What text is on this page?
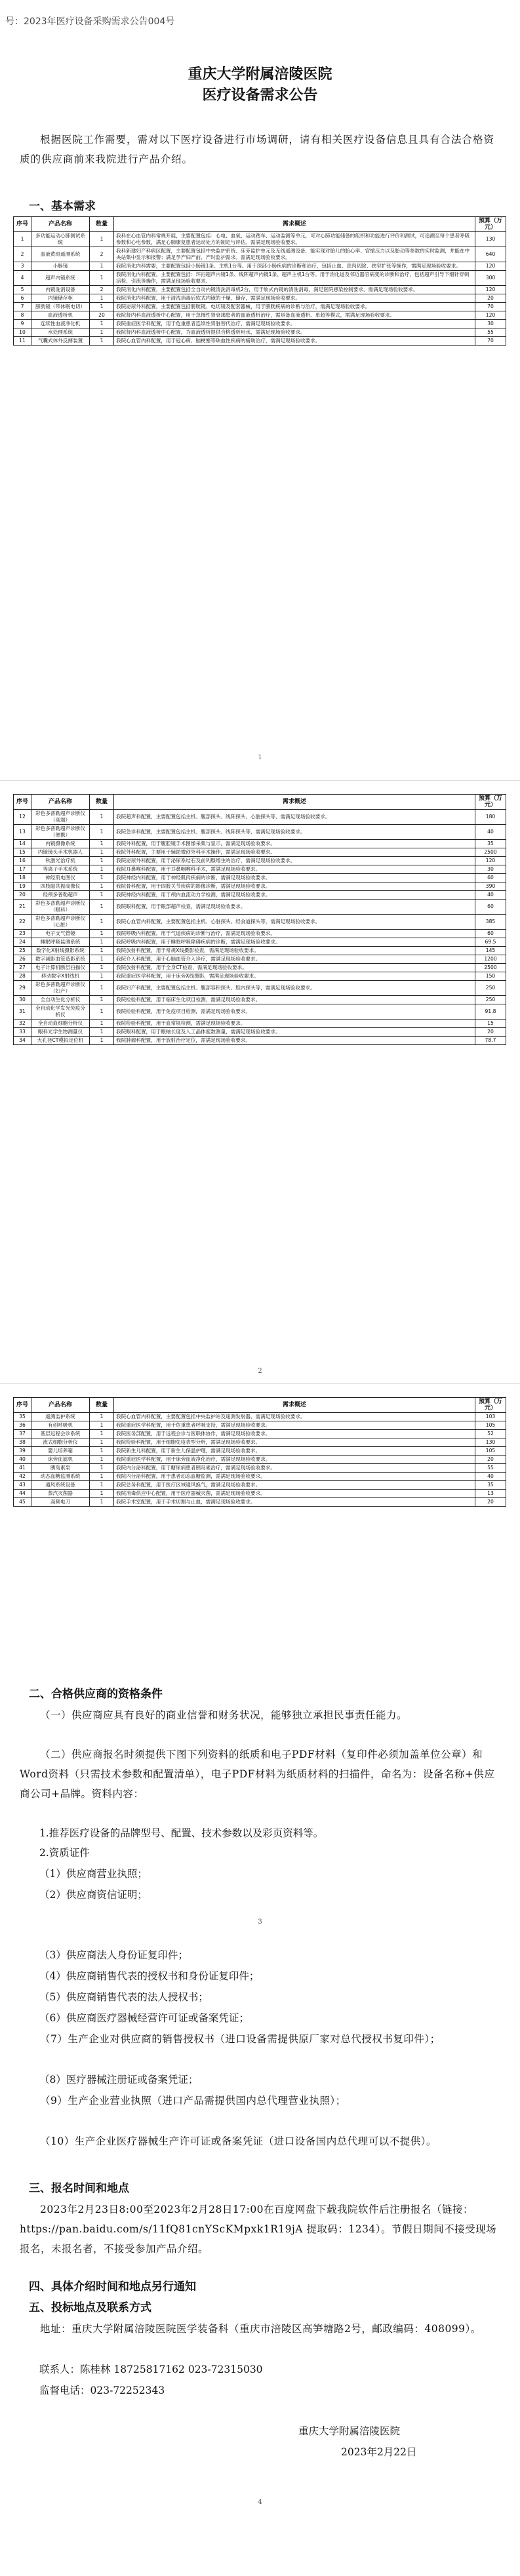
号：2023年医疗设备采购需求公告004号
重庆大学附属涪陵医院
医疗设备需求公告
根据医院工作需要，需对以下医疗设备进行市场调研，请有相关医疗设备信息且具有合法合格资质的供应商前来我院进行产品介绍。
一、基本需求
序号	产品名称	数量	需求概述	预算（万元）
1	多功能运动心肺测试系统	1	我科在心血管内科常规开展，主要配置包括：心电、血氧、运动踏车、运动监测等单元，可对心肺功能储备的组织和功能进行评价和测试，可追溯至每个患者呼吸参数和心电参数，满足心肺康复患者运动处方的制定与评估。需满足现场验收要求。	130
2	血液黄斑遥测系统	2	我科新建妇产科病区配置，主要配置包括中央监护系统、床旁监护单元及无线遥测设备，能实现对胎儿的胎心率、宫缩压力以及胎动等参数的实时监测，并能在中央站集中显示和报警；满足孕产妇产前、产时监护需求。需满足现场验收要求。	640
3	小肠镜	1	我院消化内科需要，主要配置包括小肠镜1条、主机1台等。用于深部小肠疾病的诊断和治疗，包括止血、息肉切除、狭窄扩张等操作，需满足现场验收要求。	120
4	超声内镜系统	1	我院消化内科配置，主要配置包括：环扫超声内镜1条、线阵超声内镜1条、超声主机1台等。用于消化道及邻近器官病变的诊断和治疗，包括超声引导下细针穿刺活检、引流等操作，需满足现场验收要求。	300
5	内镜洗消设备	2	我院消化内科配置，主要配置包括全自动内镜清洗消毒机2台，用于软式内镜的清洗消毒，满足医院感染控制要求，需满足现场验收要求。	120
6	内镜储存柜	1	我院消化内科配置，用于清洗消毒后软式内镜的干燥、储存，需满足现场验收要求。	20
7	膀胱镜（带休眠电切）	1	我院泌尿外科配置，主要配置包括膀胱镜、电切镜及配套器械，用于膀胱疾病的诊断与治疗，需满足现场验收要求。	70
8	血液透析机	20	我院肾内科血液透析中心配置，用于急慢性肾衰竭患者的血液透析治疗，需具备血液透析、单超等模式，需满足现场验收要求。	120
9	连续性血液净化机	1	我院重症医学科配置，用于危重患者连续性肾脏替代治疗，需满足现场验收要求。	30
10	水处理系统	1	我院肾内科血液透析中心配置，为血液透析提供合格透析用水，需满足现场验收要求。	55
11	气囊式体外反搏装置	1	我院心血管内科配置，用于冠心病、脑梗塞等缺血性疾病的辅助治疗，需满足现场验收要求。	70
1
序号	产品名称	数量	需求概述	预算（万元）
12	彩色多普勒超声诊断仪（高端）	1	我院超声科配置，主要配置包括主机、腹部探头、线阵探头、心脏探头等，需满足现场验收要求。	180
13	彩色多普勒超声诊断仪（便携）	1	我院急诊科配置，主要配置包括主机、腹部探头、线阵探头等，需满足现场验收要求。	40
14	内镜摄像系统	1	我院外科配置，用于腹腔镜手术图像采集与显示，需满足现场验收要求。	35
15	内镜镜头手术机器人	1	我院外科配置，主要用于辅助微创外科手术操作，需满足现场验收要求。	2500
16	钬激光治疗机	1	我院泌尿外科配置，用于泌尿系结石及前列腺增生的治疗，需满足现场验收要求。	120
17	等离子手术系统	1	我院耳鼻喉科配置，用于耳鼻咽喉科手术，需满足现场验收要求。	30
18	神经肌电图仪	1	我院神经内科配置，用于神经肌肉疾病的诊断，需满足现场验收要求。	60
19	四肢磁共振成像仪	1	我院骨科配置，用于四肢关节疾病的影像诊断，需满足现场验收要求。	390
20	经颅多普勒超声	1	我院神经内科配置，用于颅内血流动力学检测，需满足现场验收要求。	40
21	彩色多普勒超声诊断仪（眼科）	1	我院眼科配置，用于眼部超声检查，需满足现场验收要求。	60
22	彩色多普勒超声诊断仪（心脏）	1	我院心血管内科配置，主要配置包括主机、心脏探头、经食道探头等，需满足现场验收要求。	385
23	电子支气管镜	1	我院呼吸内科配置，用于气道疾病的诊断与治疗，需满足现场验收要求。	60
24	睡眠呼吸监测系统	1	我院呼吸内科配置，用于睡眠呼吸障碍疾病的诊断，需满足现场验收要求。	69.5
25	数字化X射线摄影系统	1	我院放射科配置，用于常规X线摄影检查，需满足现场验收要求。	145
26	数字减影血管造影系统	1	我院介入科配置，用于心脑血管介入诊疗，需满足现场验收要求。	1200
27	电子计算机断层扫描仪	1	我院放射科配置，用于全身CT检查，需满足现场验收要求。	2500
28	移动数字X射线机	1	我院重症医学科配置，用于床旁X线摄影，需满足现场验收要求。	150
29	彩色多普勒超声诊断仪（妇产）	1	我院妇产科配置，主要配置包括主机、腹部容积探头、腔内探头等，需满足现场验收要求。	250
30	全自动生化分析仪	1	我院检验科配置，用于临床生化项目检测，需满足现场验收要求。	250
31	全自动化学发光免疫分析仪	1	我院检验科配置，用于免疫项目检测，需满足现场验收要求。	91.8
32	全自动血细胞分析仪	1	我院检验科配置，用于血常规检测，需满足现场验收要求。	15
33	眼科光学生物测量仪	1	我院眼科配置，用于眼轴长度及人工晶体度数测量，需满足现场验收要求。	20
34	大孔径CT模拟定位机	1	我院肿瘤科配置，用于放射治疗定位，需满足现场验收要求。	78.7
2
序号	产品名称	数量	需求概述	预算（万元）
35	遥测监护系统	1	我院心血管内科配置，主要配置包括中央监护站及遥测发射器，需满足现场验收要求。	103
36	有创呼吸机	1	我院重症医学科配置，用于危重患者呼吸支持，需满足现场验收要求。	105
37	基层远程会诊系统	1	我院医务部配置，用于远程会诊与医联体协作，需满足现场验收要求。	52
38	流式细胞分析仪	1	我院检验科配置，用于细胞免疫表型分析，需满足现场验收要求。	130
39	婴儿培养箱	1	我院新生儿科配置，用于新生儿保温护理，需满足现场验收要求。	105
40	床旁血滤机	1	我院重症医学科配置，用于床旁血液净化治疗，需满足现场验收要求。	20
41	胰岛素泵	1	我院内分泌科配置，用于糖尿病患者胰岛素治疗，需满足现场验收要求。	55
42	动态血糖监测系统	1	我院内分泌科配置，用于患者动态血糖监测，需满足现场验收要求。	40
43	通风系统设备	1	我院总务科配置，用于医疗区域通风换气，需满足现场验收要求。	35
44	蒸汽灭菌器	1	我院消毒供应中心配置，用于医疗器械灭菌，需满足现场验收要求。	13
45	高频电刀	1	我院手术室配置，用于手术切割与止血，需满足现场验收要求。	20
二、合格供应商的资格条件
（一）供应商应具有良好的商业信誉和财务状况，能够独立承担民事责任能力。
（二）供应商报名时须提供下图下列资料的纸质和电子PDF材料（复印件必须加盖单位公章）和Word资料（只需技术参数和配置清单），电子PDF材料为纸质材料的扫描件，命名为：设备名称+供应商公司+品牌。资料内容：
1.推荐医疗设备的品牌型号、配置、技术参数以及彩页资料等。
2.资质证件
（1）供应商营业执照；
（2）供应商资信证明；
3
（3）供应商法人身份证复印件；
（4）供应商销售代表的授权书和身份证复印件；
（5）供应商销售代表的法人授权书；
（6）供应商医疗器械经营许可证或备案凭证；
（7）生产企业对供应商的销售授权书（进口设备需提供原厂家对总代授权书复印件）；
（8）医疗器械注册证或备案凭证；
（9）生产企业营业执照（进口产品需提供国内总代理营业执照）；
（10）生产企业医疗器械生产许可证或备案凭证（进口设备国内总代理可以不提供）。
三、报名时间和地点
2023年2月23日8:00至2023年2月28日17:00在百度网盘下载我院软件后注册报名（链接：https://pan.baidu.com/s/11fQ81cnYScKMpxk1R19jA 提取码：1234）。节假日期间不接受现场报名，未报名者，不接受参加产品介绍。
四、具体介绍时间和地点另行通知
五、投标地点及联系方式
地址：重庆大学附属涪陵医院医学装备科（重庆市涪陵区高笋塘路2号，邮政编码：408099）。
联系人：陈桂林 18725817162 023-72315030
监督电话：023-72252343
重庆大学附属涪陵医院
2023年2月22日
4
